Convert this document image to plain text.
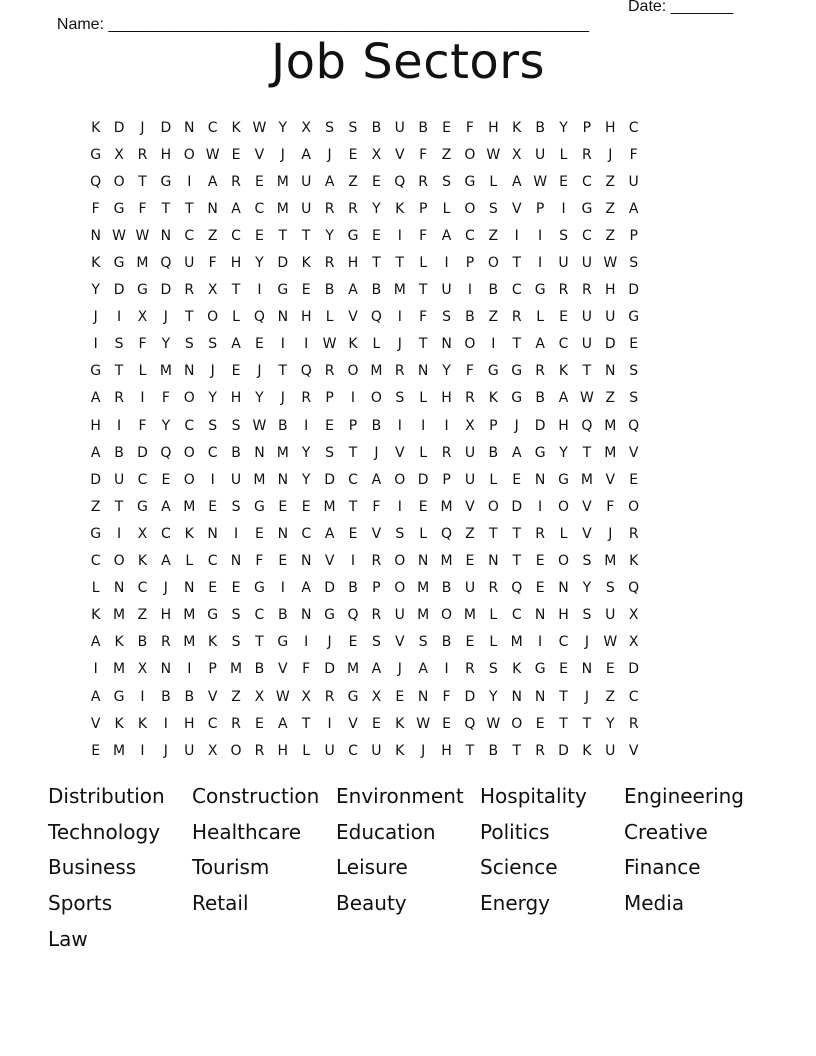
Name: ______________________________________________________

Date: _______

Job Sectors
K D	J	D N C K W Y	X	S	S	B U B	E	F	H K	B	Y	P H C
G X R H O W E	V	J	A	J	E	X V	F	Z O W X U	L	R	J	F
Q O T G	I	A R	E M U A Z	E Q R	S G	L	A W E	C Z U
F G F	T	T N A C M U R R	Y	K	P	L O S	V	P	I	G Z A
N W W N C Z C	E	T	T	Y G E	I	F	A C Z	I	I	S	C Z	P
K G M Q U	F	H Y D K R H T	T	L	I	P O T	I	U U W S
Y D G D R X	T	I	G E	B A B M T U	I	B C G R R H D
J	I	X	J	T O L Q N H	L	V Q	I	F	S	B Z R	L	E U U G
I	S	F	Y	S	S	A	E	I	I	W K	L	J	T N O	I	T	A C U D E
G T	L M N	J	E	J	T Q R O M R N Y	F G G R K	T N S
A R	I	F O Y H Y	J	R	P	I	O S	L	H R K G B A W Z	S
H	I	F	Y	C	S	S W B	I	E	P	B	I	I	I	X	P	J	D H Q M Q
A B D Q O C B N M Y	S	T	J	V	L	R U B A G Y	T M V
D U C	E O	I	U M N Y D C A O D P	U	L	E N G M V	E
Z	T G A M E	S G E	E M T	F	I	E M V O D	I	O V	F O
G	I	X C K N	I	E N C A	E	V	S	L Q Z	T	T	R	L	V	J	R
C O K	A	L	C N	F	E N V	I	R O N M E N T	E O S M K
L	N C	J	N E	E G	I	A D B	P O M B U R Q E N Y	S Q
K M Z H M G S	C B N G Q R U M O M L	C N H S U X
A	K	B R M K	S	T G	I	J	E	S	V	S	B	E	L M	I	C	J	W X
I	M X N	I	P M B V	F D M A	J	A	I	R	S	K G E N E D
A G	I	B B V Z X W X R G X	E N	F D Y N N T	J	Z C
V	K	K	I	H C R	E	A	T	I	V	E	K W E Q W O E	T	T	Y	R
E M	I	J	U X O R H	L	U C U K	J	H T	B	T	R D K U V
Distribution	Construction Environment Hospitality	Engineering
Technology	Healthcare	Education	Politics	Creative
Business	Tourism	Leisure	Science	Finance
Sports	Retail	Beauty	Energy	Media
Law
